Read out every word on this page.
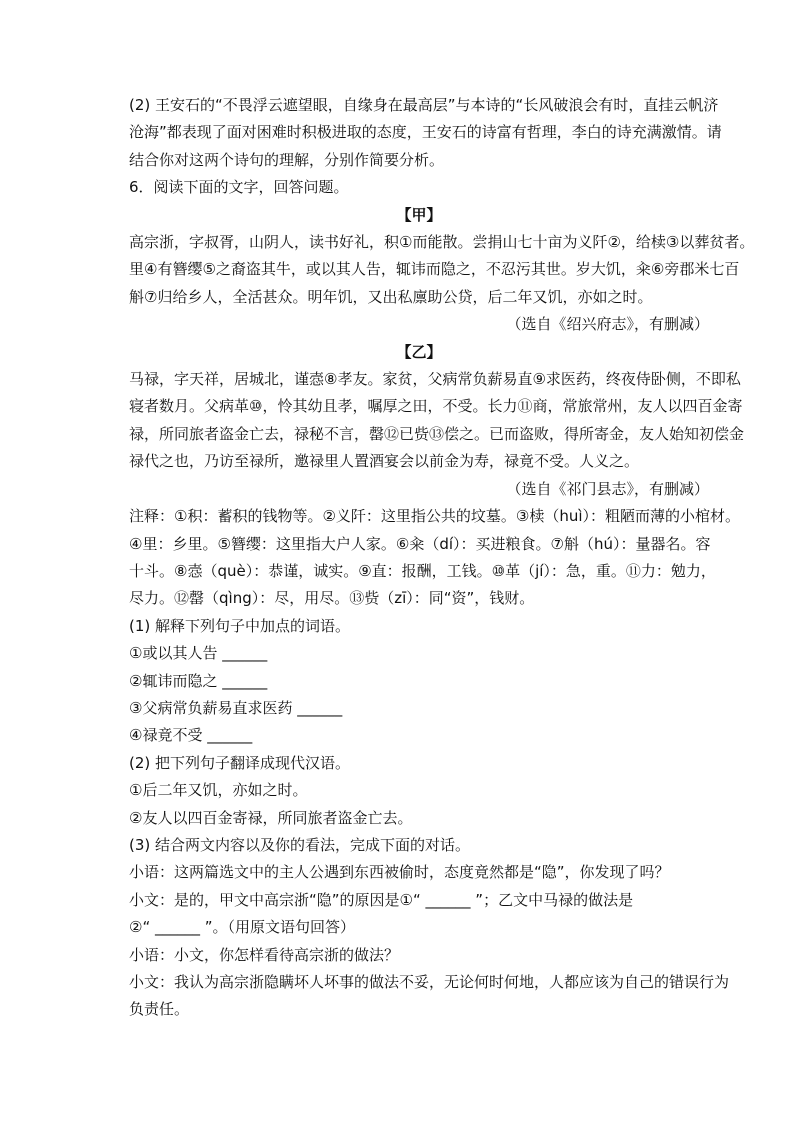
(2) 王安石的“不畏浮云遮望眼，自缘身在最高层”与本诗的“长风破浪会有时，直挂云帆济
沧海”都表现了面对困难时积极进取的态度，王安石的诗富有哲理，李白的诗充满激情。请
结合你对这两个诗句的理解，分别作简要分析。
6．阅读下面的文字，回答问题。
【甲】
高宗浙，字叔胥，山阴人，读书好礼，积①而能散。尝捐山七十亩为义阡②，给椟③以葬贫者。
里④有簪缨⑤之裔盗其牛，或以其人告，辄讳而隐之，不忍污其世。岁大饥，籴⑥旁郡米七百
斛⑦归给乡人，全活甚众。明年饥，又出私廪助公贷，后二年又饥，亦如之时。
（选自《绍兴府志》，有删减）
【乙】
马禄，字天祥，居城北，谨悫⑧孝友。家贫，父病常负薪易直⑨求医药，终夜侍卧侧，不即私
寝者数月。父病革⑩，怜其幼且孝，嘱厚之田，不受。长力⑪商，常旅常州，友人以四百金寄
禄，所同旅者盗金亡去，禄秘不言，罄⑫已赀⑬偿之。已而盗败，得所寄金，友人始知初偿金
禄代之也，乃访至禄所，邀禄里人置酒宴会以前金为寿，禄竟不受。人义之。
（选自《祁门县志》，有删减）
注释：①积：蓄积的钱物等。②义阡：这里指公共的坟墓。③椟（huì）：粗陋而薄的小棺材。
④里：乡里。⑤簪缨：这里指大户人家。⑥籴（dí）：买进粮食。⑦斛（hú）：量器名。容
十斗。⑧悫（què）：恭谨，诚实。⑨直：报酬，工钱。⑩革（jí）：急，重。⑪力：勉力，
尽力。⑫罄（qìng）：尽，用尽。⑬赀（zī）：同“资”，钱财。
(1) 解释下列句子中加点的词语。
①或以其人告 ______
②辄讳而隐之 ______
③父病常负薪易直求医药 ______
④禄竟不受 ______
(2) 把下列句子翻译成现代汉语。
①后二年又饥，亦如之时。
②友人以四百金寄禄，所同旅者盗金亡去。
(3) 结合两文内容以及你的看法，完成下面的对话。
小语：这两篇选文中的主人公遇到东西被偷时，态度竟然都是“隐”，你发现了吗？
小文：是的，甲文中高宗浙“隐”的原因是①“ ______ ”；乙文中马禄的做法是
②“ ______ ”。（用原文语句回答）
小语：小文，你怎样看待高宗浙的做法？
小文：我认为高宗浙隐瞒坏人坏事的做法不妥，无论何时何地，人都应该为自己的错误行为
负责任。
